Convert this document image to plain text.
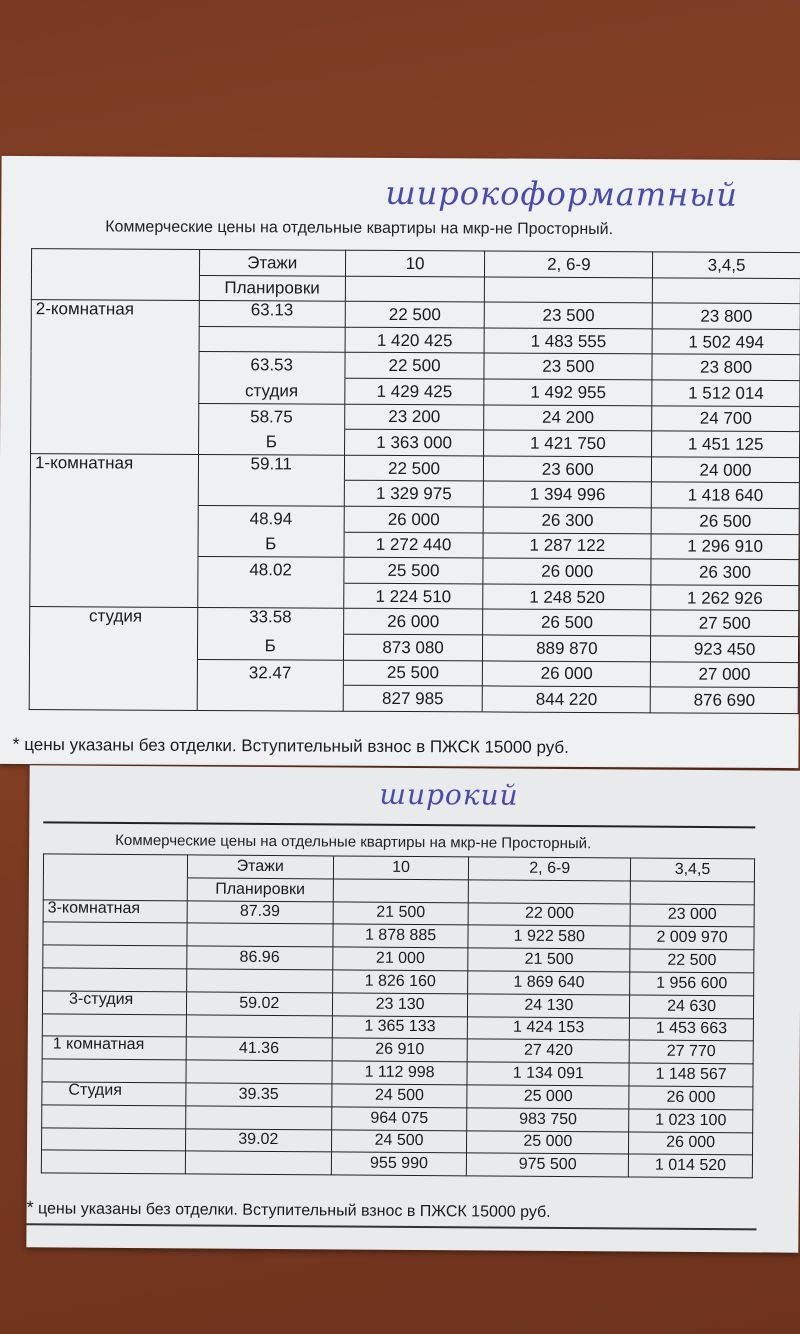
широкоформатный
Коммерческие цены на отдельные квартиры на мкр-не Просторный.
	Этажи	10	2, 6-9	3,4,5
	Планировки			
2-комнатная	63.13	22 500	23 500	23 800
		1 420 425	1 483 555	1 502 494
	63.53	22 500	23 500	23 800
	студия	1 429 425	1 492 955	1 512 014
	58.75	23 200	24 200	24 700
	Б	1 363 000	1 421 750	1 451 125
1-комнатная	59.11	22 500	23 600	24 000
		1 329 975	1 394 996	1 418 640
	48.94	26 000	26 300	26 500
	Б	1 272 440	1 287 122	1 296 910
	48.02	25 500	26 000	26 300
		1 224 510	1 248 520	1 262 926
студия	33.58	26 000	26 500	27 500
	Б	873 080	889 870	923 450
	32.47	25 500	26 000	27 000
		827 985	844 220	876 690
* цены указаны без отделки. Вступительный взнос в ПЖСК 15000 руб.
широкий
Коммерческие цены на отдельные квартиры на мкр-не Просторный.
	Этажи	10	2, 6-9	3,4,5
	Планировки			
3-комнатная	87.39	21 500	22 000	23 000
		1 878 885	1 922 580	2 009 970
	86.96	21 000	21 500	22 500
		1 826 160	1 869 640	1 956 600
3-студия	59.02	23 130	24 130	24 630
		1 365 133	1 424 153	1 453 663
1 комнатная	41.36	26 910	27 420	27 770
		1 112 998	1 134 091	1 148 567
Студия	39.35	24 500	25 000	26 000
		964 075	983 750	1 023 100
	39.02	24 500	25 000	26 000
		955 990	975 500	1 014 520
* цены указаны без отделки. Вступительный взнос в ПЖСК 15000 руб.
